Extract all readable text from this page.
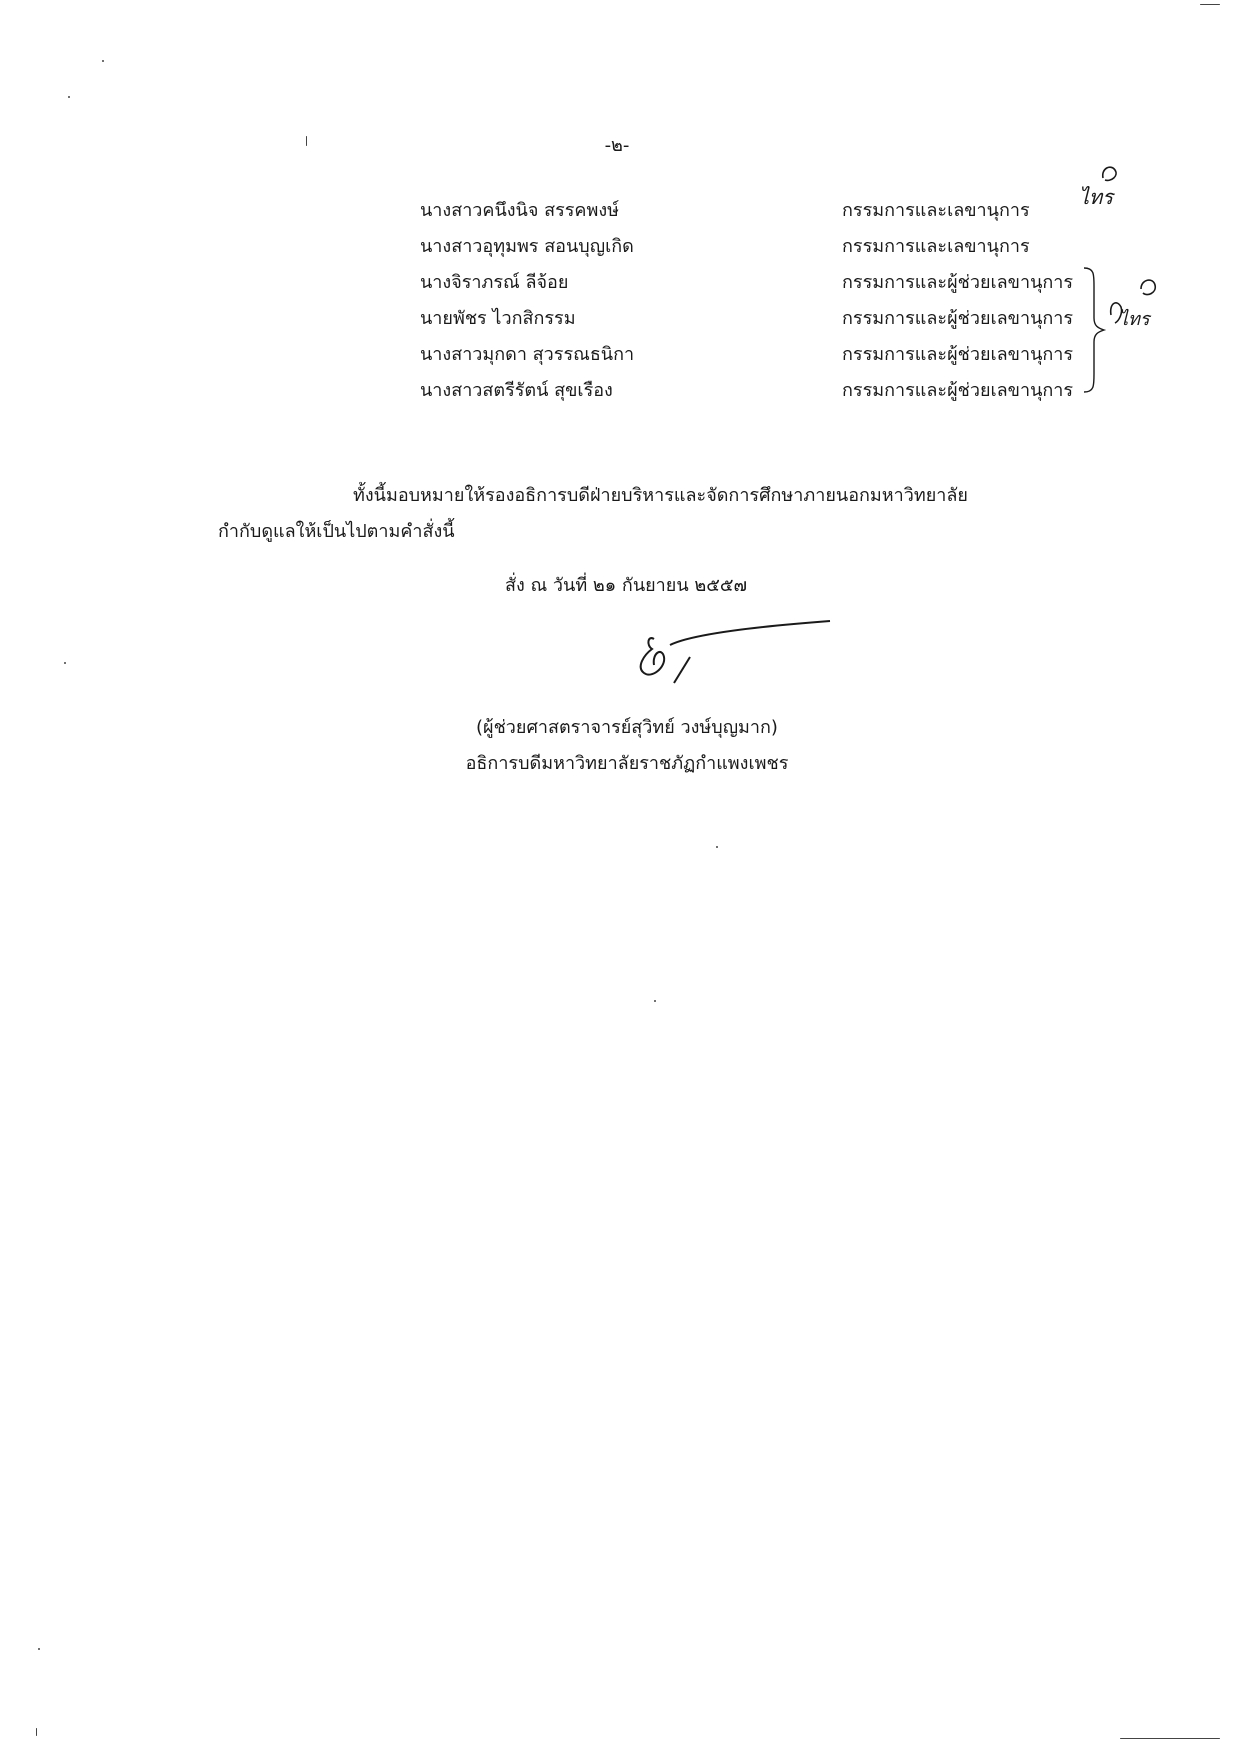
-๒-
นางสาวคนึงนิจ สรรคพงษ์	กรรมการและเลขานุการ
นางสาวอุทุมพร สอนบุญเกิด	กรรมการและเลขานุการ
นางจิราภรณ์ ลีจ้อย	กรรมการและผู้ช่วยเลขานุการ
นายพัชร ไวกสิกรรม	กรรมการและผู้ช่วยเลขานุการ
นางสาวมุกดา สุวรรณธนิกา	กรรมการและผู้ช่วยเลขานุการ
นางสาวสตรีรัตน์ สุขเรือง	กรรมการและผู้ช่วยเลขานุการ
ไทร
ไทร
ทั้งนี้มอบหมายให้รองอธิการบดีฝ่ายบริหารและจัดการศึกษาภายนอกมหาวิทยาลัย
กำกับดูแลให้เป็นไปตามคำสั่งนี้
สั่ง ณ วันที่ ๒๑ กันยายน ๒๕๕๗
(ผู้ช่วยศาสตราจารย์สุวิทย์ วงษ์บุญมาก)
อธิการบดีมหาวิทยาลัยราชภัฏกำแพงเพชร
